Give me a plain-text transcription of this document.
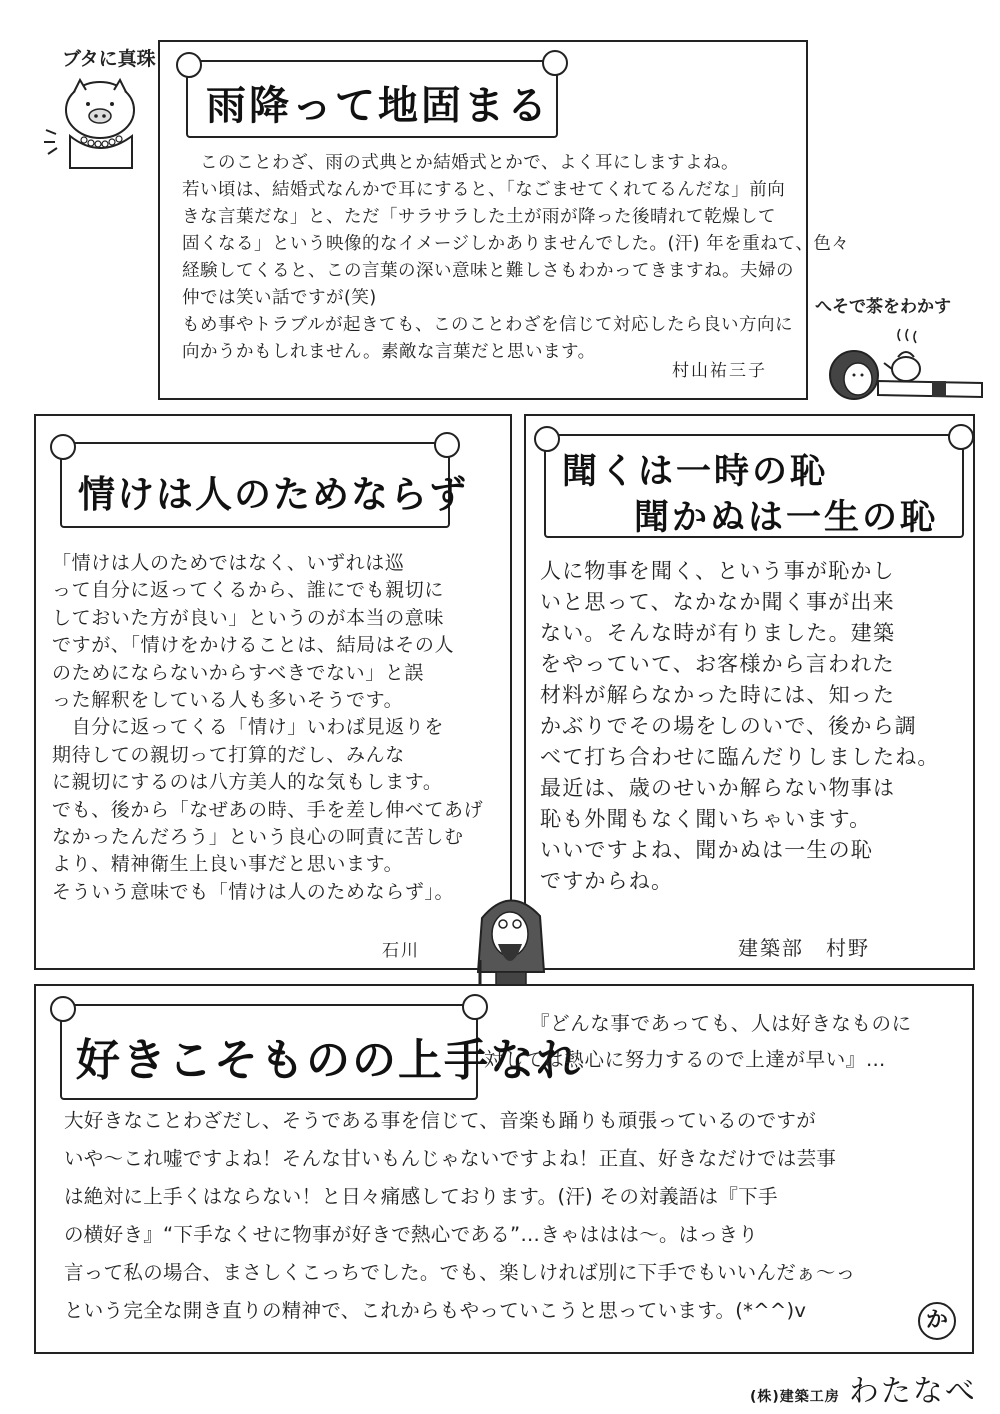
ブタに真珠
雨降って地固まる

　このことわざ、雨の式典とか結婚式とかで、よく耳にしますよね。

若い頃は、結婚式なんかで耳にすると、「なごませてくれてるんだな」前向

きな言葉だな」と、ただ「サラサラした土が雨が降った後晴れて乾燥して

固くなる」という映像的なイメージしかありませんでした。(汗) 年を重ねて、色々

経験してくると、この言葉の深い意味と難しさもわかってきますね。夫婦の

仲では笑い話ですが(笑)

もめ事やトラブルが起きても、このことわざを信じて対応したら良い方向に

向かうかもしれません。素敵な言葉だと思います。

村山祐三子
へそで茶をわかす
情けは人のためならず

「情けは人のためではなく、いずれは巡

って自分に返ってくるから、誰にでも親切に

しておいた方が良い」というのが本当の意味

ですが、「情けをかけることは、結局はその人

のためにならないからすべきでない」と誤

った解釈をしている人も多いそうです。

　自分に返ってくる「情け」いわば見返りを

期待しての親切って打算的だし、みんな

に親切にするのは八方美人的な気もします。

でも、後から「なぜあの時、手を差し伸べてあげ

なかったんだろう」という良心の呵責に苦しむ

より、精神衛生上良い事だと思います。

そういう意味でも「情けは人のためならず」。

石川
聞くは一時の恥
聞かぬは一生の恥

人に物事を聞く、という事が恥かし

いと思って、なかなか聞く事が出来

ない。そんな時が有りました。建築

をやっていて、お客様から言われた

材料が解らなかった時には、知った

かぶりでその場をしのいで、後から調

べて打ち合わせに臨んだりしましたね。

最近は、歳のせいか解らない物事は

恥も外聞もなく聞いちゃいます。

いいですよね、聞かぬは一生の恥

ですからね。

建築部　村野
好きこそものの上手なれ
『どんな事であっても、人は好きなものに
対しては熱心に努力するので上達が早い』…

大好きなことわざだし、そうである事を信じて、音楽も踊りも頑張っているのですが

いや〜これ嘘ですよね！そんな甘いもんじゃないですよね！正直、好きなだけでは芸事

は絶対に上手くはならない！と日々痛感しております。(汗) その対義語は『下手

の横好き』“下手なくせに物事が好きで熱心である”…きゃははは〜。はっきり

言って私の場合、まさしくこっちでした。でも、楽しければ別に下手でもいいんだぁ〜っ

という完全な開き直りの精神で、これからもやっていこうと思っています。(*^^)v	か
(株)建築工房 わたなべ
